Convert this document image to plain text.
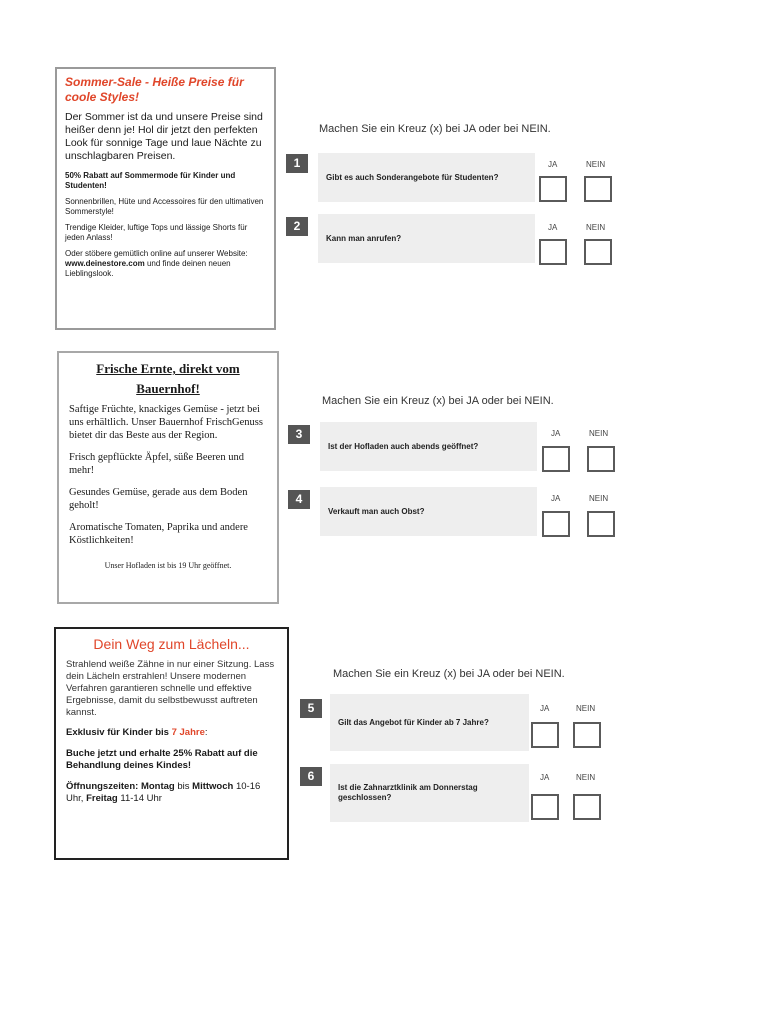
Sommer-Sale - Heiße Preise für coole Styles!

Der Sommer ist da und unsere Preise sind heißer denn je! Hol dir jetzt den perfekten Look für sonnige Tage und laue Nächte zu unschlagbaren Preisen.

50% Rabatt auf Sommermode für Kinder und Studenten!

Sonnenbrillen, Hüte und Accessoires für den ultimativen Sommerstyle!

Trendige Kleider, luftige Tops und lässige Shorts für jeden Anlass!

Oder stöbere gemütlich online auf unserer Website: www.deinestore.com und finde deinen neuen Lieblingslook.

Frische Ernte, direkt vom Bauernhof!

Saftige Früchte, knackiges Gemüse - jetzt bei uns erhältlich. Unser Bauernhof FrischGenuss bietet dir das Beste aus der Region.

Frisch gepflückte Äpfel, süße Beeren und mehr!

Gesundes Gemüse, gerade aus dem Boden geholt!

Aromatische Tomaten, Paprika und andere Köstlichkeiten!

Unser Hofladen ist bis 19 Uhr geöffnet.

Dein Weg zum Lächeln...

Strahlend weiße Zähne in nur einer Sitzung. Lass dein Lächeln erstrahlen! Unsere modernen Verfahren garantieren schnelle und effektive Ergebnisse, damit du selbstbewusst auftreten kannst.

Exklusiv für Kinder bis 7 Jahre:

Buche jetzt und erhalte 25% Rabatt auf die Behandlung deines Kindes!

Öffnungszeiten: Montag bis Mittwoch 10-16 Uhr, Freitag 11-14 Uhr

Machen Sie ein Kreuz (x) bei JA oder bei NEIN.
1
Gibt es auch Sonderangebote für Studenten?
JA	NEIN
2
Kann man anrufen?
JA	NEIN
Machen Sie ein Kreuz (x) bei JA oder bei NEIN.
3
Ist der Hofladen auch abends geöffnet?
JA	NEIN
4
Verkauft man auch Obst?
JA	NEIN
Machen Sie ein Kreuz (x) bei JA oder bei NEIN.
5
Gilt das Angebot für Kinder ab 7 Jahre?
JA	NEIN
6
Ist die Zahnarztklinik am Donnerstag geschlossen?
JA	NEIN
